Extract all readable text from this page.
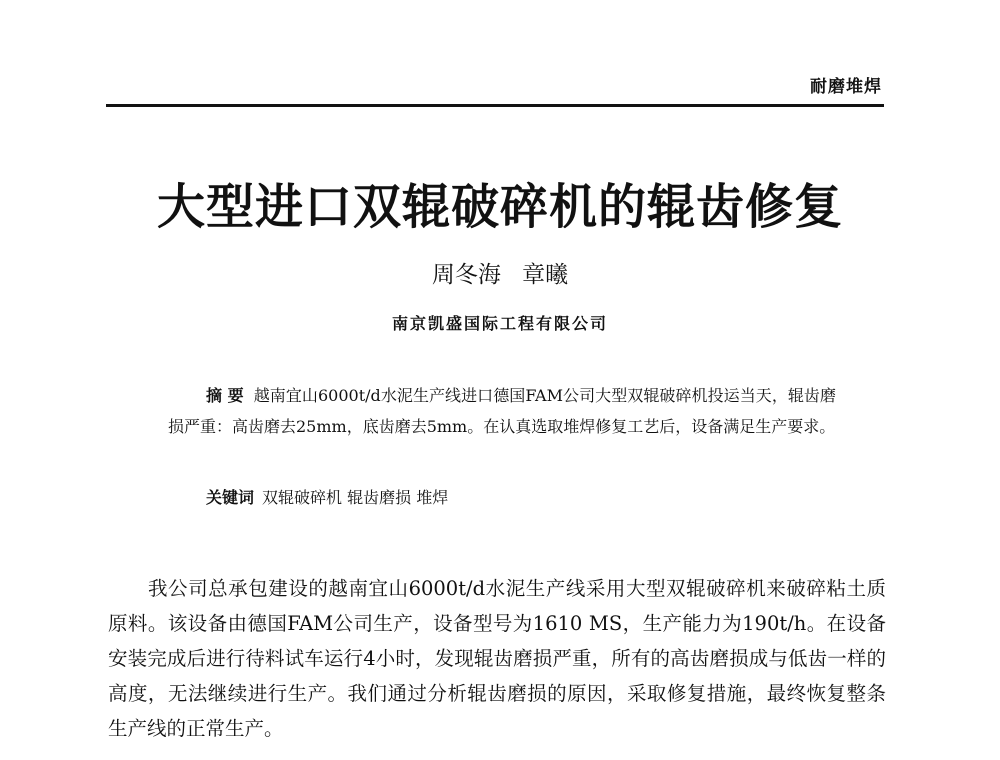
耐磨堆焊
大型进口双辊破碎机的辊齿修复
周冬海 章曦
南京凯盛国际工程有限公司
摘 要 越南宜山6000t/d水泥生产线进口德国FAM公司大型双辊破碎机投运当天，辊齿磨损严重：高齿磨去25mm，底齿磨去5mm。在认真选取堆焊修复工艺后，设备满足生产要求。
关键词 双辊破碎机 辊齿磨损 堆焊

我公司总承包建设的越南宜山6000t/d水泥生产线采用大型双辊破碎机来破碎粘土质原料。该设备由德国FAM公司生产，设备型号为1610 MS，生产能力为190t/h。在设备安装完成后进行待料试车运行4小时，发现辊齿磨损严重，所有的高齿磨损成与低齿一样的高度，无法继续进行生产。我们通过分析辊齿磨损的原因，采取修复措施，最终恢复整条生产线的正常生产。
